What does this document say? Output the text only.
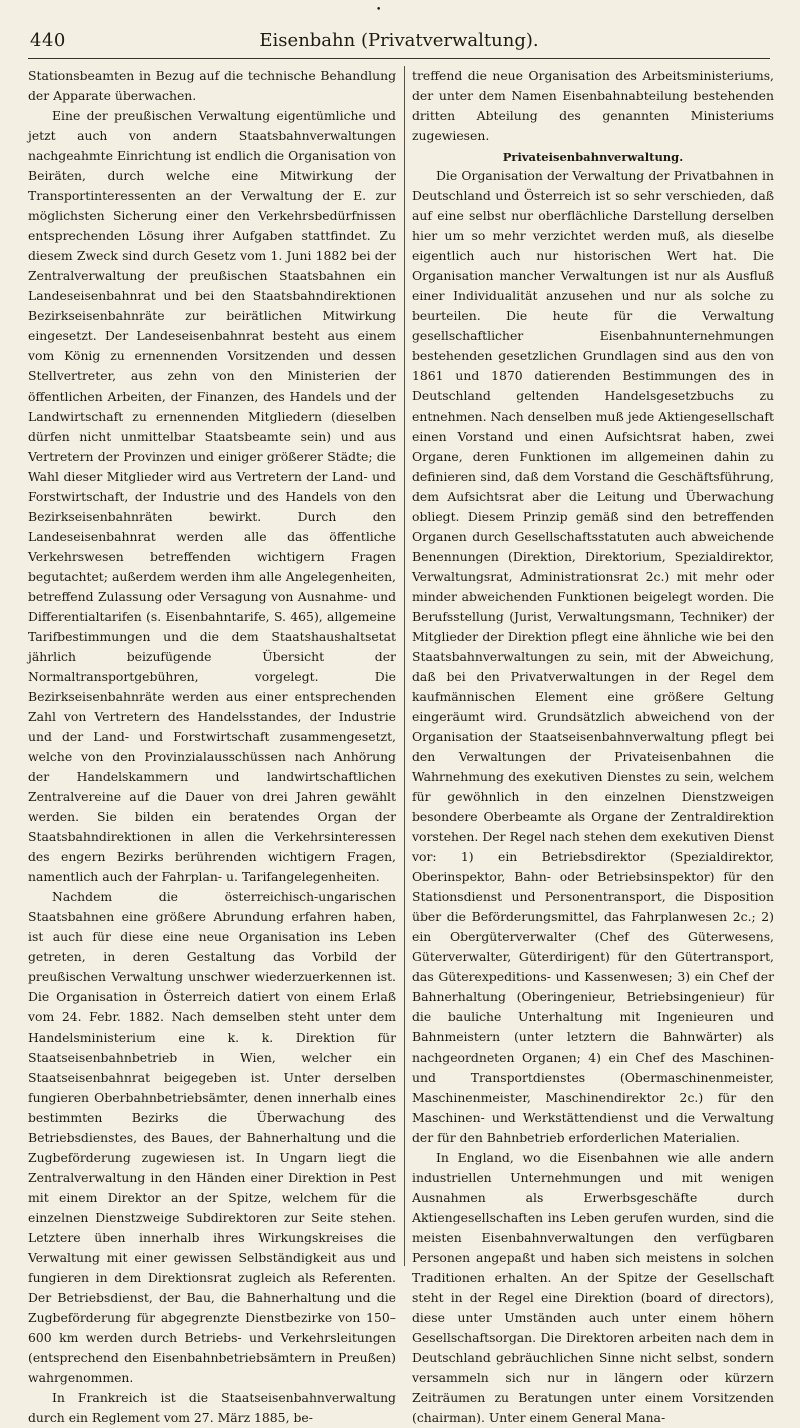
•
440	Eisenbahn (Privatverwaltung).

Stationsbeamten in Bezug auf die technische Behandlung der Apparate überwachen.

Eine der preußischen Verwaltung eigentümliche und jetzt auch von andern Staatsbahnverwaltungen nachgeahmte Einrichtung ist endlich die Organisation von Beiräten, durch welche eine Mitwirkung der Transportinteressenten an der Verwaltung der E. zur möglichsten Sicherung einer den Verkehrsbedürfnissen entsprechenden Lösung ihrer Aufgaben stattfindet. Zu diesem Zweck sind durch Gesetz vom 1. Juni 1882 bei der Zentralverwaltung der preußischen Staatsbahnen ein Landeseisenbahnrat und bei den Staatsbahndirektionen Bezirkseisenbahnräte zur beirätlichen Mitwirkung eingesetzt. Der Landeseisenbahnrat besteht aus einem vom König zu ernennenden Vorsitzenden und dessen Stellvertreter, aus zehn von den Ministerien der öffentlichen Arbeiten, der Finanzen, des Handels und der Landwirtschaft zu ernennenden Mitgliedern (dieselben dürfen nicht unmittelbar Staatsbeamte sein) und aus Vertretern der Provinzen und einiger größerer Städte; die Wahl dieser Mitglieder wird aus Vertretern der Land- und Forstwirtschaft, der Industrie und des Handels von den Bezirkseisenbahnräten bewirkt. Durch den Landeseisenbahnrat werden alle das öffentliche Verkehrswesen betreffenden wichtigern Fragen begutachtet; außerdem werden ihm alle Angelegenheiten, betreffend Zulassung oder Versagung von Ausnahme- und Differentialtarifen (s. Eisenbahntarife, S. 465), allgemeine Tarifbestimmungen und die dem Staatshaushaltsetat jährlich beizufügende Übersicht der Normaltransportgebühren, vorgelegt. Die Bezirkseisenbahnräte werden aus einer entsprechenden Zahl von Vertretern des Handelsstandes, der Industrie und der Land- und Forstwirtschaft zusammengesetzt, welche von den Provinzialausschüssen nach Anhörung der Handelskammern und landwirtschaftlichen Zentralvereine auf die Dauer von drei Jahren gewählt werden. Sie bilden ein beratendes Organ der Staatsbahndirektionen in allen die Verkehrsinteressen des engern Bezirks berührenden wichtigern Fragen, namentlich auch der Fahrplan- u. Tarifangelegenheiten.

Nachdem die österreichisch-ungarischen Staatsbahnen eine größere Abrundung erfahren haben, ist auch für diese eine neue Organisation ins Leben getreten, in deren Gestaltung das Vorbild der preußischen Verwaltung unschwer wiederzuerkennen ist. Die Organisation in Österreich datiert von einem Erlaß vom 24. Febr. 1882. Nach demselben steht unter dem Handelsministerium eine k. k. Direktion für Staatseisenbahnbetrieb in Wien, welcher ein Staatseisenbahnrat beigegeben ist. Unter derselben fungieren Oberbahnbetriebsämter, denen innerhalb eines bestimmten Bezirks die Überwachung des Betriebsdienstes, des Baues, der Bahnerhaltung und die Zugbeförderung zugewiesen ist. In Ungarn liegt die Zentralverwaltung in den Händen einer Direktion in Pest mit einem Direktor an der Spitze, welchem für die einzelnen Dienstzweige Subdirektoren zur Seite stehen. Letztere üben innerhalb ihres Wirkungskreises die Verwaltung mit einer gewissen Selbständigkeit aus und fungieren in dem Direktionsrat zugleich als Referenten. Der Betriebsdienst, der Bau, die Bahnerhaltung und die Zugbeförderung für abgegrenzte Dienstbezirke von 150–600 km werden durch Betriebs- und Verkehrsleitungen (entsprechend den Eisenbahnbetriebsämtern in Preußen) wahrgenommen.

In Frankreich ist die Staatseisenbahnverwaltung durch ein Reglement vom 27. März 1885, be-

treffend die neue Organisation des Arbeitsministeriums, der unter dem Namen Eisenbahnabteilung bestehenden dritten Abteilung des genannten Ministeriums zugewiesen.

Privateisenbahnverwaltung.

Die Organisation der Verwaltung der Privatbahnen in Deutschland und Österreich ist so sehr verschieden, daß auf eine selbst nur oberflächliche Darstellung derselben hier um so mehr verzichtet werden muß, als dieselbe eigentlich auch nur historischen Wert hat. Die Organisation mancher Verwaltungen ist nur als Ausfluß einer Individualität anzusehen und nur als solche zu beurteilen. Die heute für die Verwaltung gesellschaftlicher Eisenbahnunternehmungen bestehenden gesetzlichen Grundlagen sind aus den von 1861 und 1870 datierenden Bestimmungen des in Deutschland geltenden Handelsgesetzbuchs zu entnehmen. Nach denselben muß jede Aktiengesellschaft einen Vorstand und einen Aufsichtsrat haben, zwei Organe, deren Funktionen im allgemeinen dahin zu definieren sind, daß dem Vorstand die Geschäftsführung, dem Aufsichtsrat aber die Leitung und Überwachung obliegt. Diesem Prinzip gemäß sind den betreffenden Organen durch Gesellschaftsstatuten auch abweichende Benennungen (Direktion, Direktorium, Spezialdirektor, Verwaltungsrat, Administrationsrat 2c.) mit mehr oder minder abweichenden Funktionen beigelegt worden. Die Berufsstellung (Jurist, Verwaltungsmann, Techniker) der Mitglieder der Direktion pflegt eine ähnliche wie bei den Staatsbahnverwaltungen zu sein, mit der Abweichung, daß bei den Privatverwaltungen in der Regel dem kaufmännischen Element eine größere Geltung eingeräumt wird. Grundsätzlich abweichend von der Organisation der Staatseisenbahnverwaltung pflegt bei den Verwaltungen der Privateisenbahnen die Wahrnehmung des exekutiven Dienstes zu sein, welchem für gewöhnlich in den einzelnen Dienstzweigen besondere Oberbeamte als Organe der Zentraldirektion vorstehen. Der Regel nach stehen dem exekutiven Dienst vor: 1) ein Betriebsdirektor (Spezialdirektor, Oberinspektor, Bahn- oder Betriebsinspektor) für den Stationsdienst und Personentransport, die Disposition über die Beförderungsmittel, das Fahrplanwesen 2c.; 2) ein Obergüterverwalter (Chef des Güterwesens, Güterverwalter, Güterdirigent) für den Gütertransport, das Güterexpeditions- und Kassenwesen; 3) ein Chef der Bahnerhaltung (Oberingenieur, Betriebsingenieur) für die bauliche Unterhaltung mit Ingenieuren und Bahnmeistern (unter letztern die Bahnwärter) als nachgeordneten Organen; 4) ein Chef des Maschinen- und Transportdienstes (Obermaschinenmeister, Maschinenmeister, Maschinendirektor 2c.) für den Maschinen- und Werkstättendienst und die Verwaltung der für den Bahnbetrieb erforderlichen Materialien.

In England, wo die Eisenbahnen wie alle andern industriellen Unternehmungen und mit wenigen Ausnahmen als Erwerbsgeschäfte durch Aktiengesellschaften ins Leben gerufen wurden, sind die meisten Eisenbahnverwaltungen den verfügbaren Personen angepaßt und haben sich meistens in solchen Traditionen erhalten. An der Spitze der Gesellschaft steht in der Regel eine Direktion (board of directors), diese unter Umständen auch unter einem höhern Gesellschaftsorgan. Die Direktoren arbeiten nach dem in Deutschland gebräuchlichen Sinne nicht selbst, sondern versammeln sich nur in längern oder kürzern Zeiträumen zu Beratungen unter einem Vorsitzenden (chairman). Unter einem General Mana-
